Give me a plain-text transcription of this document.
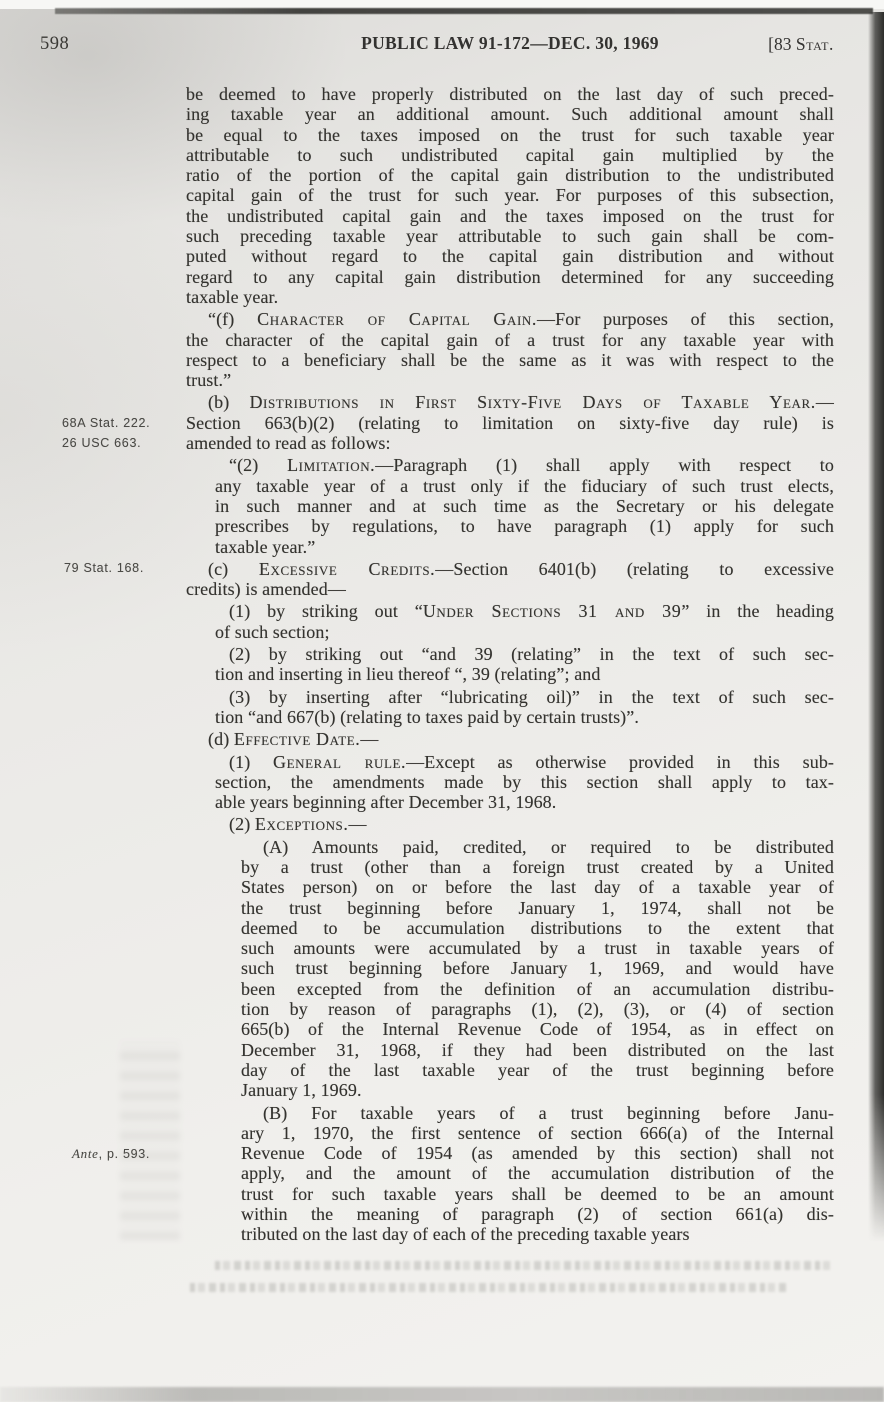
598	PUBLIC LAW 91-172—DEC. 30, 1969	[83 Stat.
68A Stat. 222.
26 USC 663.
79 Stat. 168.
Ante, p. 593.
be deemed to have properly distributed on the last day of such preced-
ing taxable year an additional amount. Such additional amount shall
be equal to the taxes imposed on the trust for such taxable year
attributable to such undistributed capital gain multiplied by the
ratio of the portion of the capital gain distribution to the undistributed
capital gain of the trust for such year. For purposes of this subsection,
the undistributed capital gain and the taxes imposed on the trust for
such preceding taxable year attributable to such gain shall be com-
puted without regard to the capital gain distribution and without
regard to any capital gain distribution determined for any succeeding
taxable year.
“(f) Character of Capital Gain.—For purposes of this section,
the character of the capital gain of a trust for any taxable year with
respect to a beneficiary shall be the same as it was with respect to the
trust.”
(b) Distributions in First Sixty-Five Days of Taxable Year.—
Section 663(b)(2) (relating to limitation on sixty-five day rule) is
amended to read as follows:
“(2) Limitation.—Paragraph (1) shall apply with respect to
any taxable year of a trust only if the fiduciary of such trust elects,
in such manner and at such time as the Secretary or his delegate
prescribes by regulations, to have paragraph (1) apply for such
taxable year.”
(c) Excessive Credits.—Section 6401(b) (relating to excessive
credits) is amended—
(1) by striking out “Under Sections 31 and 39” in the heading
of such section;
(2) by striking out “and 39 (relating” in the text of such sec-
tion and inserting in lieu thereof “, 39 (relating”; and
(3) by inserting after “lubricating oil)” in the text of such sec-
tion “and 667(b) (relating to taxes paid by certain trusts)”.
(d) Effective Date.—
(1) General rule.—Except as otherwise provided in this sub-
section, the amendments made by this section shall apply to tax-
able years beginning after December 31, 1968.
(2) Exceptions.—
(A) Amounts paid, credited, or required to be distributed
by a trust (other than a foreign trust created by a United
States person) on or before the last day of a taxable year of
the trust beginning before January 1, 1974, shall not be
deemed to be accumulation distributions to the extent that
such amounts were accumulated by a trust in taxable years of
such trust beginning before January 1, 1969, and would have
been excepted from the definition of an accumulation distribu-
tion by reason of paragraphs (1), (2), (3), or (4) of section
665(b) of the Internal Revenue Code of 1954, as in effect on
December 31, 1968, if they had been distributed on the last
day of the last taxable year of the trust beginning before
January 1, 1969.
(B) For taxable years of a trust beginning before Janu-
ary 1, 1970, the first sentence of section 666(a) of the Internal
Revenue Code of 1954 (as amended by this section) shall not
apply, and the amount of the accumulation distribution of the
trust for such taxable years shall be deemed to be an amount
within the meaning of paragraph (2) of section 661(a) dis-
tributed on the last day of each of the preceding taxable years
